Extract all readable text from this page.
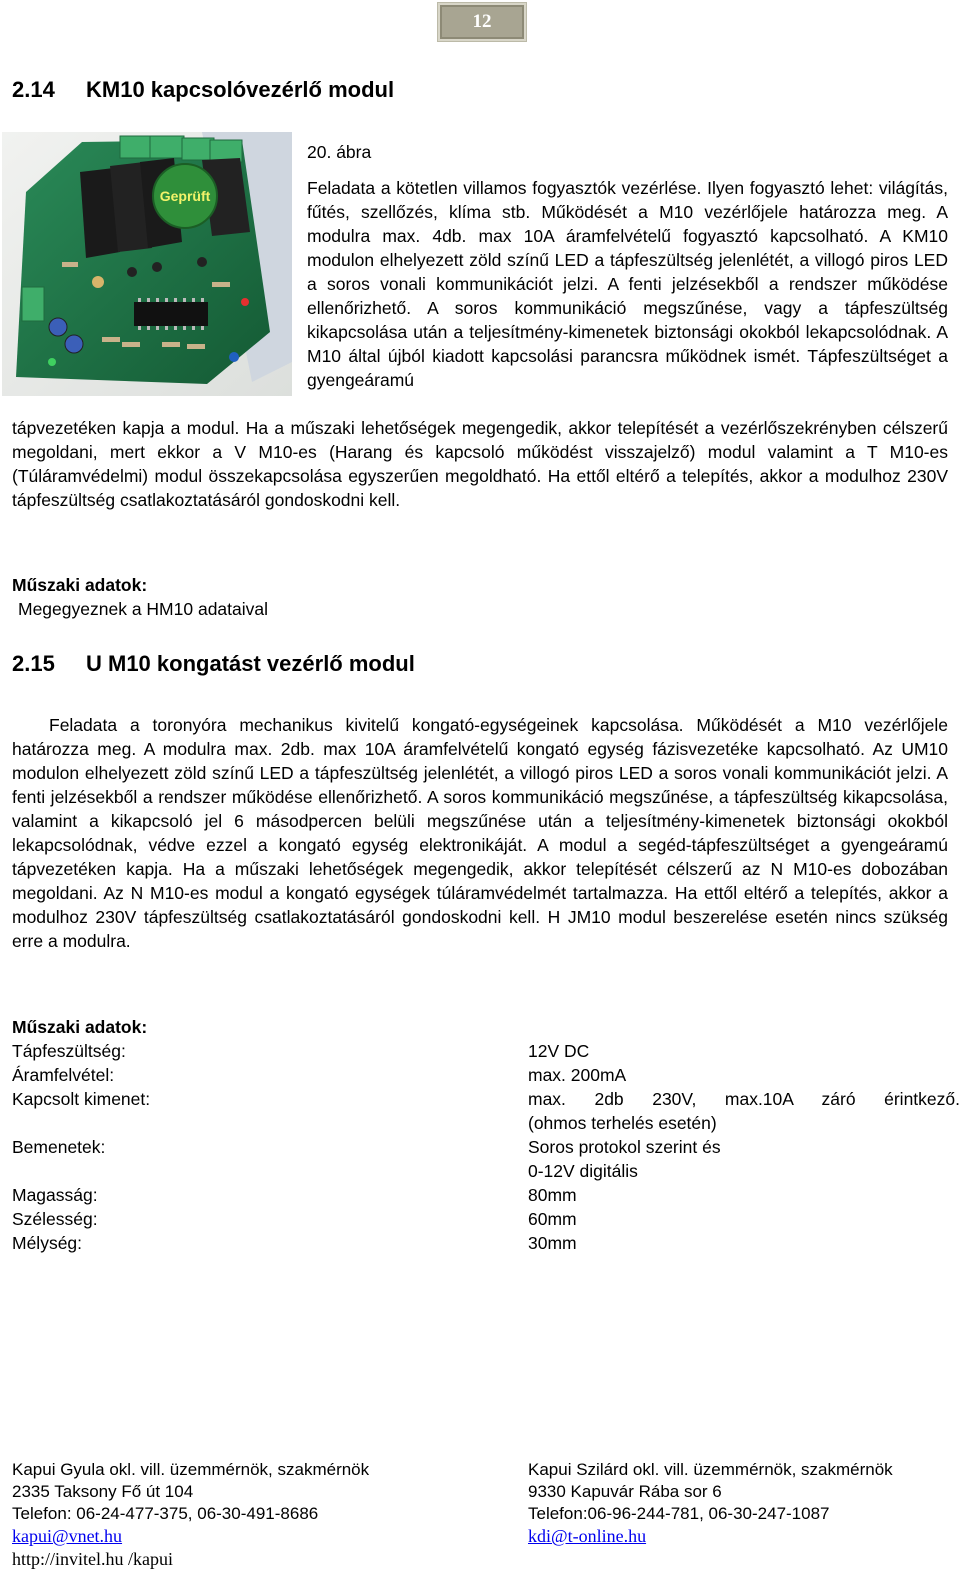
12
2.14 KM10 kapcsolóvezérlő modul
Geprüft
20. ábra
Feladata a kötetlen villamos fogyasztók vezérlése. Ilyen fogyasztó lehet: világítás, fűtés, szellőzés, klíma stb. Működését a M10 vezérlőjele határozza meg. A modulra max. 4db. max 10A áramfelvételű fogyasztó kapcsolható. A KM10 modulon elhelyezett zöld színű LED a tápfeszültség jelenlétét, a villogó piros LED a soros vonali kommunikációt jelzi. A fenti jelzésekből a rendszer működése ellenőrizhető. A soros kommunikáció megszűnése, vagy a tápfeszültség kikapcsolása után a teljesítmény-kimenetek biztonsági okokból lekapcsolódnak. A M10 által újból kiadott kapcsolási parancsra működnek ismét. Tápfeszültséget a gyengeáramú
tápvezetéken kapja a modul. Ha a műszaki lehetőségek megengedik, akkor telepítését a vezérlőszekrényben célszerű megoldani, mert ekkor a V M10-es (Harang és kapcsoló működést visszajelző) modul valamint a T M10-es (Túláramvédelmi) modul összekapcsolása egyszerűen megoldható. Ha ettől eltérő a telepítés, akkor a modulhoz 230V tápfeszültség csatlakoztatásáról gondoskodni kell.
Műszaki adatok:
Megegyeznek a HM10 adataival
2.15 U M10 kongatást vezérlő modul
Feladata a toronyóra mechanikus kivitelű kongató-egységeinek kapcsolása. Működését a M10 vezérlőjele határozza meg. A modulra max. 2db. max 10A áramfelvételű kongató egység fázisvezetéke kapcsolható. Az UM10 modulon elhelyezett zöld színű LED a tápfeszültség jelenlétét, a villogó piros LED a soros vonali kommunikációt jelzi. A fenti jelzésekből a rendszer működése ellenőrizhető. A soros kommunikáció megszűnése, a tápfeszültség kikapcsolása, valamint a kikapcsoló jel 6 másodpercen belüli megszűnése után a teljesítmény-kimenetek biztonsági okokból lekapcsolódnak, védve ezzel a kongató egység elektronikáját. A modul a segéd-tápfeszültséget a gyengeáramú tápvezetéken kapja. Ha a műszaki lehetőségek megengedik, akkor telepítését célszerű az N M10-es dobozában megoldani. Az N M10-es modul a kongató egységek túláramvédelmét tartalmazza. Ha ettől eltérő a telepítés, akkor a modulhoz 230V tápfeszültség csatlakoztatásáról gondoskodni kell. H JM10 modul beszerelése esetén nincs szükség erre a modulra.
Műszaki adatok:
Tápfeszültség:	12V DC
Áramfelvétel:	max. 200mA
Kapcsolt kimenet:	max. 2db 230V, max.10A záró érintkező.
(ohmos terhelés esetén)
Bemenetek:	Soros protokol szerint és
0-12V digitális
Magasság:	80mm
Szélesség:	60mm
Mélység:	30mm
Kapui Gyula okl. vill. üzemmérnök, szakmérnök
2335 Taksony Fő út 104
Telefon: 06-24-477-375, 06-30-491-8686
kapui@vnet.hu
http://invitel.hu /kapui
Kapui Szilárd okl. vill. üzemmérnök, szakmérnök
9330 Kapuvár Rába sor 6
Telefon:06-96-244-781, 06-30-247-1087
kdi@t-online.hu
